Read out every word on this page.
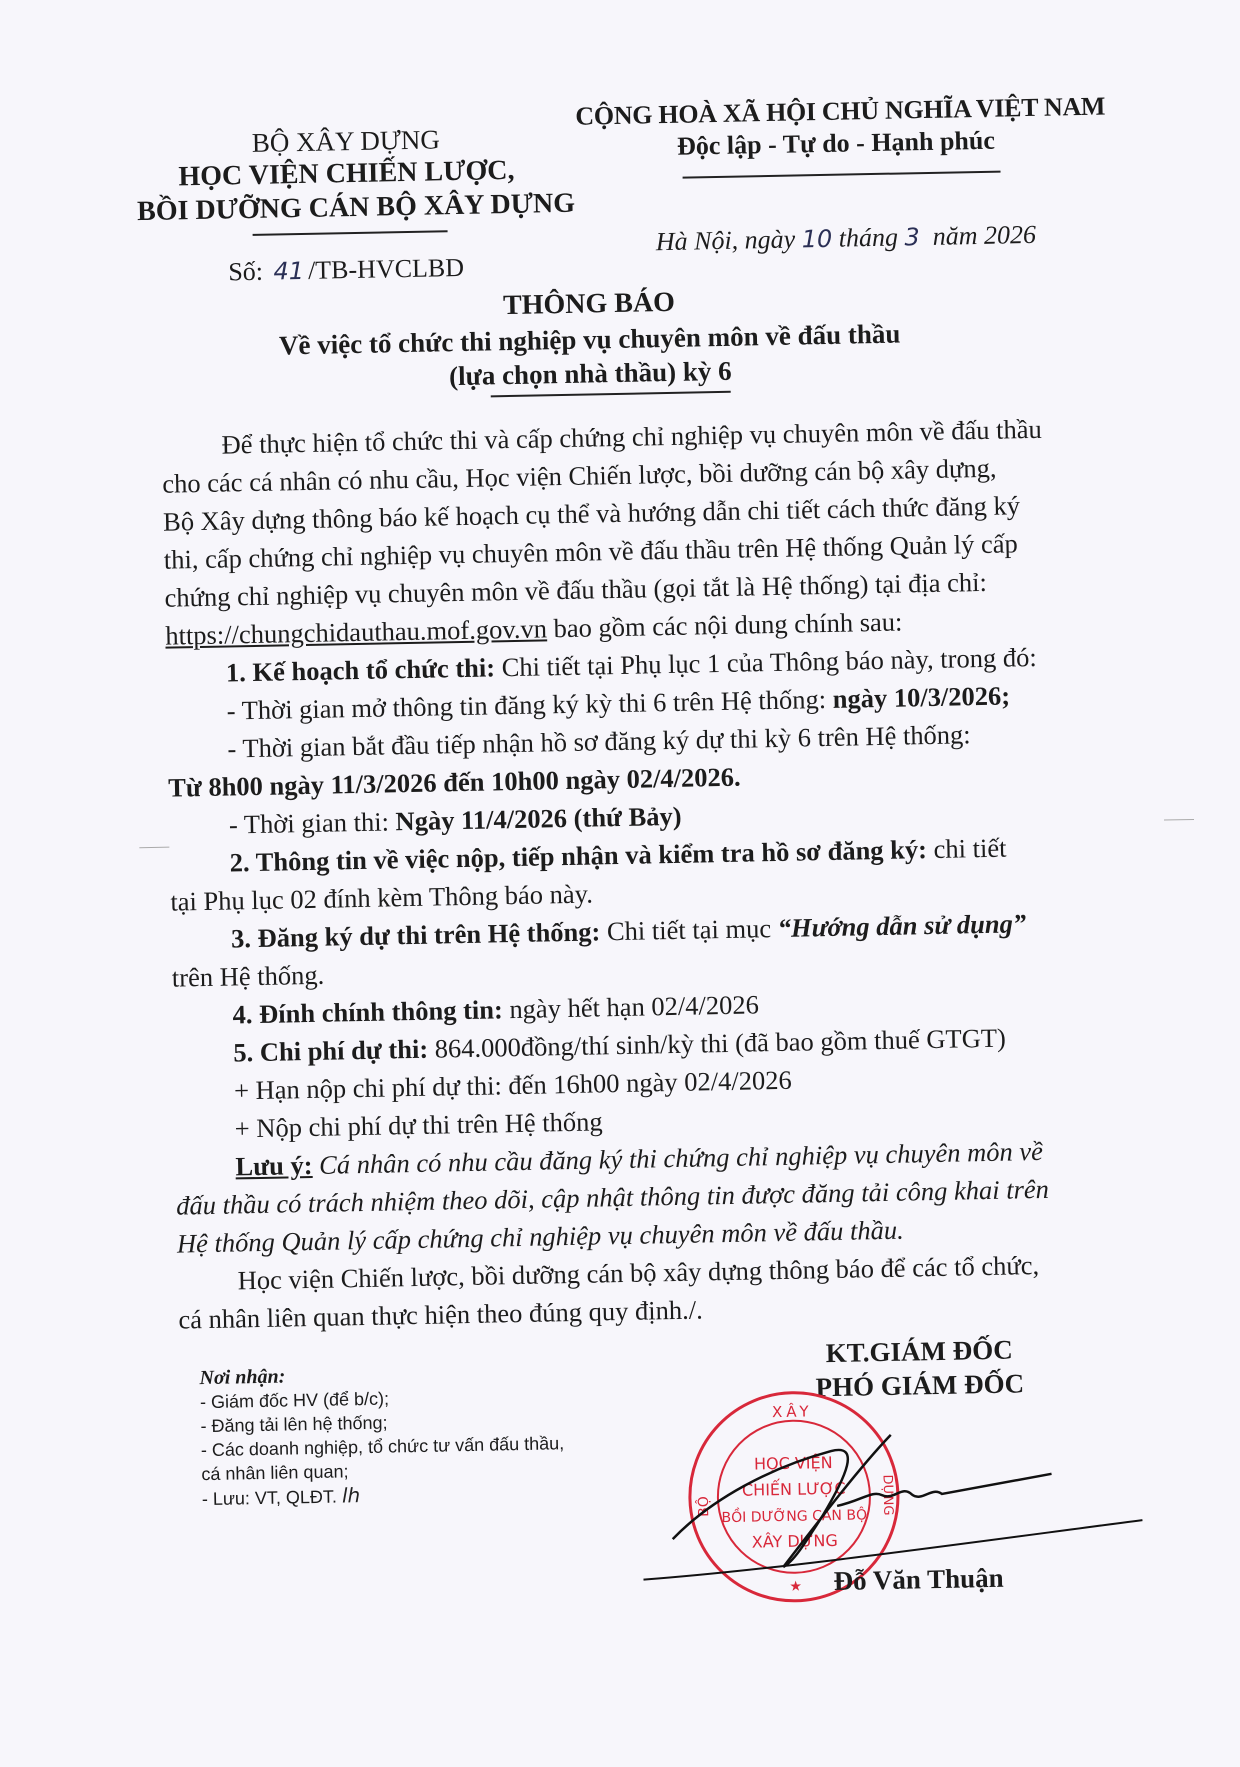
BỘ XÂY DỰNG
HỌC VIỆN CHIẾN LƯỢC,
BỒI DƯỠNG CÁN BỘ XÂY DỰNG
CỘNG HOÀ XÃ HỘI CHỦ NGHĨA VIỆT NAM
Độc lập - Tự do - Hạnh phúc
Số: 41 /TB-HVCLBD
Hà Nội, ngày 10 tháng 3 năm 2026
THÔNG BÁO
Về việc tổ chức thi nghiệp vụ chuyên môn về đấu thầu
(lựa chọn nhà thầu) kỳ 6
Để thực hiện tổ chức thi và cấp chứng chỉ nghiệp vụ chuyên môn về đấu thầu
cho các cá nhân có nhu cầu, Học viện Chiến lược, bồi dưỡng cán bộ xây dựng,
Bộ Xây dựng thông báo kế hoạch cụ thể và hướng dẫn chi tiết cách thức đăng ký
thi, cấp chứng chỉ nghiệp vụ chuyên môn về đấu thầu trên Hệ thống Quản lý cấp
chứng chỉ nghiệp vụ chuyên môn về đấu thầu (gọi tắt là Hệ thống) tại địa chỉ:
https://chungchidauthau.mof.gov.vn bao gồm các nội dung chính sau:
1. Kế hoạch tổ chức thi: Chi tiết tại Phụ lục 1 của Thông báo này, trong đó:
- Thời gian mở thông tin đăng ký kỳ thi 6 trên Hệ thống: ngày 10/3/2026;
- Thời gian bắt đầu tiếp nhận hồ sơ đăng ký dự thi kỳ 6 trên Hệ thống:
Từ 8h00 ngày 11/3/2026 đến 10h00 ngày 02/4/2026.
- Thời gian thi: Ngày 11/4/2026 (thứ Bảy)
2. Thông tin về việc nộp, tiếp nhận và kiểm tra hồ sơ đăng ký: chi tiết
tại Phụ lục 02 đính kèm Thông báo này.
3. Đăng ký dự thi trên Hệ thống: Chi tiết tại mục “Hướng dẫn sử dụng”
trên Hệ thống.
4. Đính chính thông tin: ngày hết hạn 02/4/2026
5. Chi phí dự thi: 864.000đồng/thí sinh/kỳ thi (đã bao gồm thuế GTGT)
+ Hạn nộp chi phí dự thi: đến 16h00 ngày 02/4/2026
+ Nộp chi phí dự thi trên Hệ thống
Lưu ý: Cá nhân có nhu cầu đăng ký thi chứng chỉ nghiệp vụ chuyên môn về
đấu thầu có trách nhiệm theo dõi, cập nhật thông tin được đăng tải công khai trên
Hệ thống Quản lý cấp chứng chỉ nghiệp vụ chuyên môn về đấu thầu.
Học viện Chiến lược, bồi dưỡng cán bộ xây dựng thông báo để các tổ chức,
cá nhân liên quan thực hiện theo đúng quy định./.
Nơi nhận:
- Giám đốc HV (để b/c);
- Đăng tải lên hệ thống;
- Các doanh nghiệp, tổ chức tư vấn đấu thầu,
cá nhân liên quan;
- Lưu: VT, QLĐT. lh
KT.GIÁM ĐỐC
PHÓ GIÁM ĐỐC
XÂY
BỘ	DỰNG
HỌC VIỆN
CHIẾN LƯỢC
BỒI DƯỠNG CÁN BỘ
XÂY DỰNG
★ Đỗ Văn Thuận
